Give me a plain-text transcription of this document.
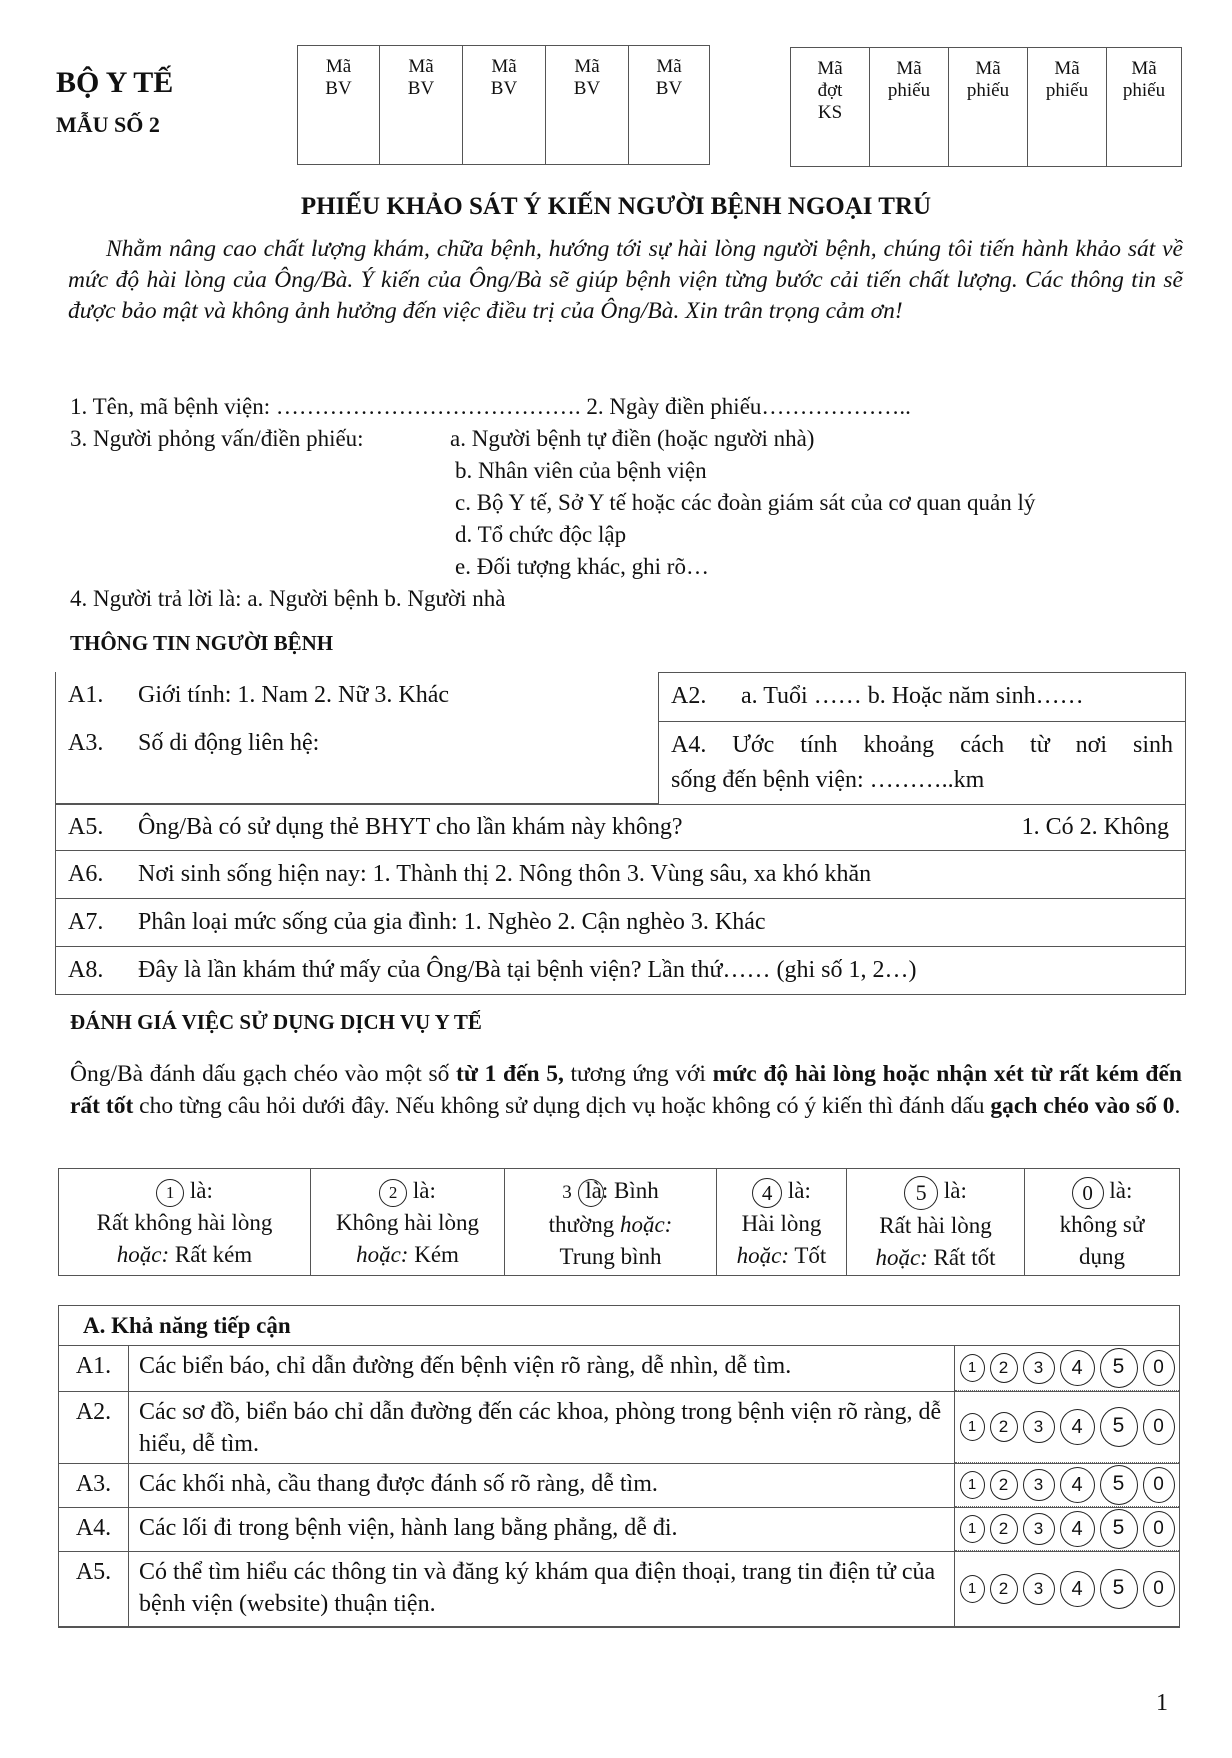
BỘ Y TẾ
MẪU SỐ 2
Mã
BV
Mã
BV
Mã
BV
Mã
BV
Mã
BV
Mã
đợt
KS
Mã
phiếu
Mã
phiếu
Mã
phiếu
Mã
phiếu
PHIẾU KHẢO SÁT Ý KIẾN NGƯỜI BỆNH NGOẠI TRÚ
Nhằm nâng cao chất lượng khám, chữa bệnh, hướng tới sự hài lòng người bệnh, chúng tôi tiến hành khảo sát về mức độ hài lòng của Ông/Bà. Ý kiến của Ông/Bà sẽ giúp bệnh viện từng bước cải tiến chất lượng. Các thông tin sẽ được bảo mật và không ảnh hưởng đến việc điều trị của Ông/Bà. Xin trân trọng cảm ơn!
1. Tên, mã bệnh viện: …………………………………. 2. Ngày điền phiếu………………..
3. Người phỏng vấn/điền phiếu:	a. Người bệnh tự điền (hoặc người nhà)
b. Nhân viên của bệnh viện
c. Bộ Y tế, Sở Y tế hoặc các đoàn giám sát của cơ quan quản lý
d. Tổ chức độc lập
e. Đối tượng khác, ghi rõ…
4. Người trả lời là: a. Người bệnh b. Người nhà
THÔNG TIN NGƯỜI BỆNH
A1. Giới tính: 1. Nam 2. Nữ 3. Khác
A3. Số di động liên hệ:
A2. a. Tuổi …… b. Hoặc năm sinh……
A4. Ước tính khoảng cách từ nơi sinh
sống đến bệnh viện: ………..km
A5. Ông/Bà có sử dụng thẻ BHYT cho lần khám này không?	1. Có 2. Không
A6. Nơi sinh sống hiện nay: 1. Thành thị 2. Nông thôn 3. Vùng sâu, xa khó khăn
A7. Phân loại mức sống của gia đình: 1. Nghèo 2. Cận nghèo 3. Khác
A8. Đây là lần khám thứ mấy của Ông/Bà tại bệnh viện? Lần thứ…… (ghi số 1, 2…)
ĐÁNH GIÁ VIỆC SỬ DỤNG DỊCH VỤ Y TẾ
Ông/Bà đánh dấu gạch chéo vào một số từ 1 đến 5, tương ứng với mức độ hài lòng hoặc nhận xét từ rất kém đến rất tốt cho từng câu hỏi dưới đây. Nếu không sử dụng dịch vụ hoặc không có ý kiến thì đánh dấu gạch chéo vào số 0.
1 là:
Rất không hài lòng
hoặc: Rất kém
2 là:
Không hài lòng
hoặc: Kém
3  là: Bình
thường hoặc:
Trung bình
4 là:
Hài lòng
hoặc: Tốt
5 là:
Rất hài lòng
hoặc: Rất tốt
0 là:
không sử
dụng
A. Khả năng tiếp cận
A1.	Các biển báo, chỉ dẫn đường đến bệnh viện rõ ràng, dễ nhìn, dễ tìm.	1	2	3	4	5	0
A2.	Các sơ đồ, biển báo chỉ dẫn đường đến các khoa, phòng trong bệnh viện rõ ràng, dễ hiểu, dễ tìm.
1	2	3	4	5	0
A3.	Các khối nhà, cầu thang được đánh số rõ ràng, dễ tìm.	1	2	3	4	5	0
A4.	Các lối đi trong bệnh viện, hành lang bằng phẳng, dễ đi.	1	2	3	4	5	0
A5.	Có thể tìm hiểu các thông tin và đăng ký khám qua điện thoại, trang tin điện tử của bệnh viện (website) thuận tiện.
1	2	3	4	5	0
1
